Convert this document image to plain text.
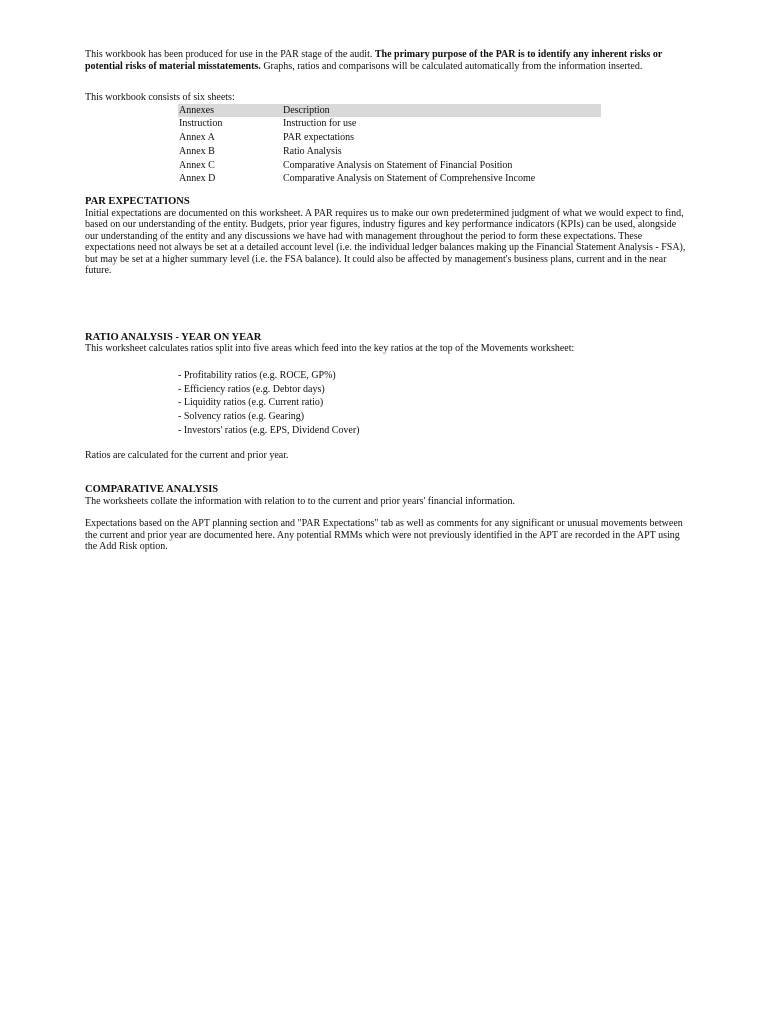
This workbook has been produced for use in the PAR stage of the audit. The primary purpose of the PAR is to identify any inherent risks or potential risks of material misstatements. Graphs, ratios and comparisons will be calculated automatically from the information inserted.

This workbook consists of six sheets:

Annexes	Description
Instruction	Instruction for use
Annex A	PAR expectations
Annex B	Ratio Analysis
Annex C	Comparative Analysis on Statement of Financial Position
Annex D	Comparative Analysis on Statement of Comprehensive Income
PAR EXPECTATIONS

Initial expectations are documented on this worksheet. A PAR requires us to make our own predetermined judgment of what we would expect to find, based on our understanding of the entity. Budgets, prior year figures, industry figures and key performance indicators (KPIs) can be used, alongside our understanding of the entity and any discussions we have had with management throughout the period to form these expectations. These expectations need not always be set at a detailed account level (i.e. the individual ledger balances making up the Financial Statement Analysis - FSA), but may be set at a higher summary level (i.e. the FSA balance). It could also be affected by management's business plans, current and in the near future.

RATIO ANALYSIS - YEAR ON YEAR

This worksheet calculates ratios split into five areas which feed into the key ratios at the top of the Movements worksheet:

- Profitability ratios (e.g. ROCE, GP%)
- Efficiency ratios (e.g. Debtor days)
- Liquidity ratios (e.g. Current ratio)
- Solvency ratios (e.g. Gearing)
- Investors' ratios (e.g. EPS, Dividend Cover)

Ratios are calculated for the current and prior year.

COMPARATIVE ANALYSIS

The worksheets collate the information with relation to to the current and prior years' financial information.

Expectations based on the APT planning section and "PAR Expectations" tab as well as comments for any significant or unusual movements between the current and prior year are documented here. Any potential RMMs which were not previously identified in the APT are recorded in the APT using the Add Risk option.
